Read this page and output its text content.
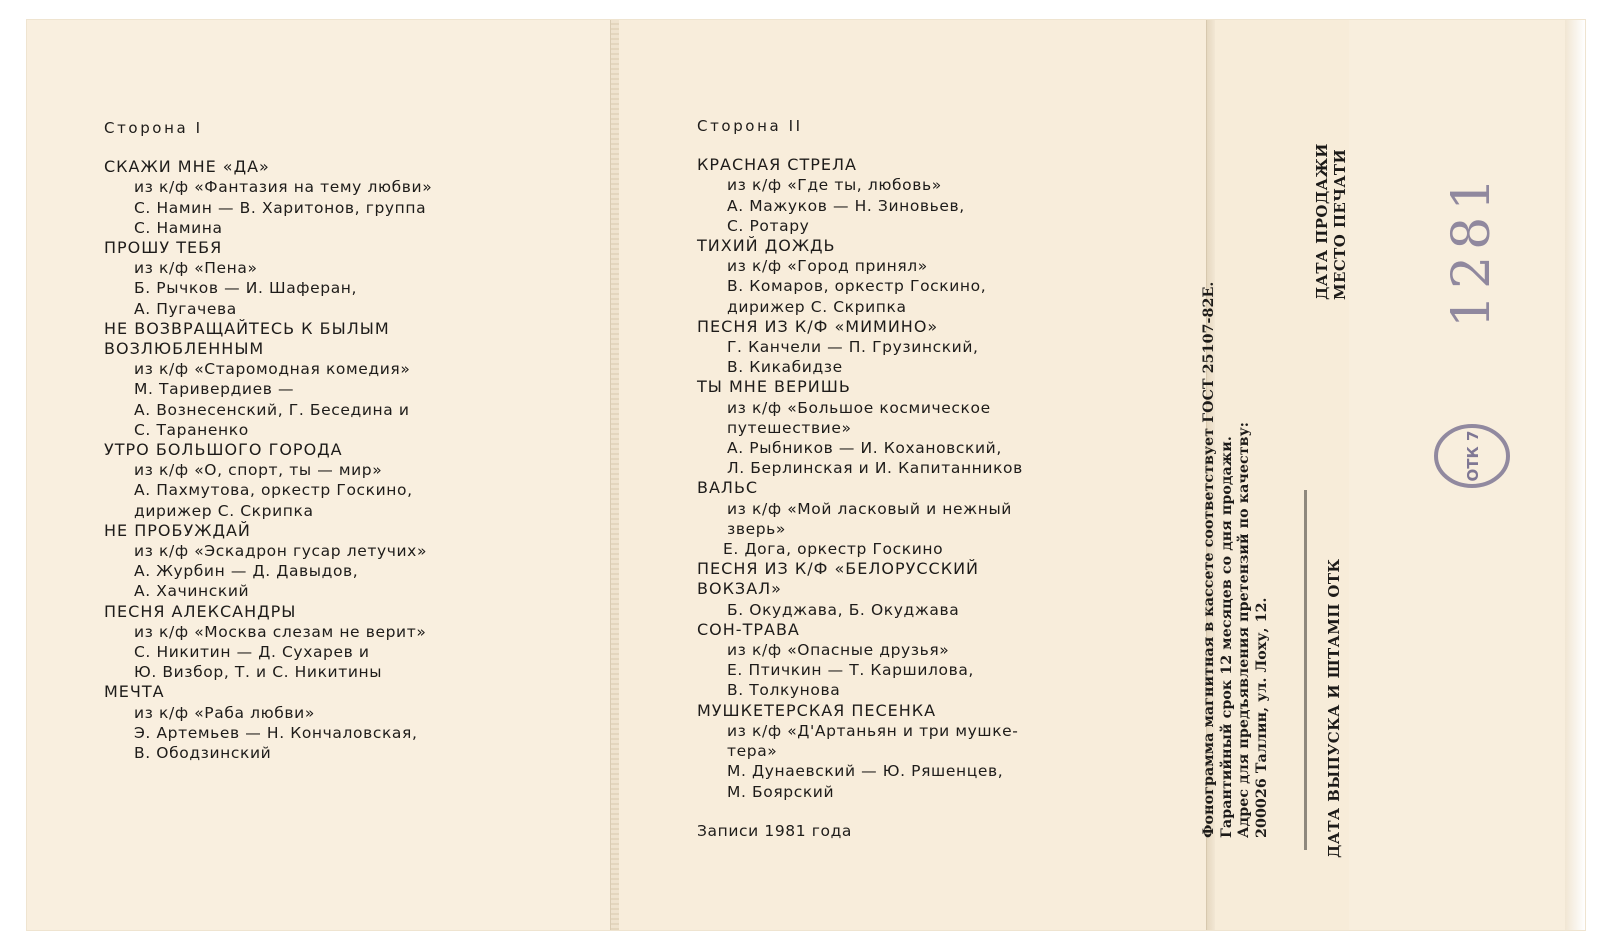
Сторона I
СКАЖИ МНЕ «ДА»
из к/ф «Фантазия на тему любви»
С. Намин — В. Харитонов, группа
С. Намина
ПРОШУ ТЕБЯ
из к/ф «Пена»
Б. Рычков — И. Шаферан,
А. Пугачева
НЕ ВОЗВРАЩАЙТЕСЬ К БЫЛЫМ
ВОЗЛЮБЛЕННЫМ
из к/ф «Старомодная комедия»
М. Таривердиев —
А. Вознесенский, Г. Беседина и
С. Тараненко
УТРО БОЛЬШОГО ГОРОДА
из к/ф «О, спорт, ты — мир»
А. Пахмутова, оркестр Госкино,
дирижер С. Скрипка
НЕ ПРОБУЖДАЙ
из к/ф «Эскадрон гусар летучих»
А. Журбин — Д. Давыдов,
А. Хачинский
ПЕСНЯ АЛЕКСАНДРЫ
из к/ф «Москва слезам не верит»
С. Никитин — Д. Сухарев и
Ю. Визбор, Т. и С. Никитины
МЕЧТА
из к/ф «Раба любви»
Э. Артемьев — Н. Кончаловская,
В. Ободзинский
Сторона II
КРАСНАЯ СТРЕЛА
из к/ф «Где ты, любовь»
А. Мажуков — Н. Зиновьев,
С. Ротару
ТИХИЙ ДОЖДЬ
из к/ф «Город принял»
В. Комаров, оркестр Госкино,
дирижер С. Скрипка
ПЕСНЯ ИЗ К/Ф «МИМИНО»
Г. Канчели — П. Грузинский,
В. Кикабидзе
ТЫ МНЕ ВЕРИШЬ
из к/ф «Большое космическое
путешествие»
А. Рыбников — И. Кохановский,
Л. Берлинская и И. Капитанников
ВАЛЬС
из к/ф «Мой ласковый и нежный
зверь»
Е. Дога, оркестр Госкино
ПЕСНЯ ИЗ К/Ф «БЕЛОРУССКИЙ
ВОКЗАЛ»
Б. Окуджава, Б. Окуджава
СОН-ТРАВА
из к/ф «Опасные друзья»
Е. Птичкин — Т. Каршилова,
В. Толкунова
МУШКЕТЕРСКАЯ ПЕСЕНКА
из к/ф «Д'Артаньян и три мушке-
тера»
М. Дунаевский — Ю. Ряшенцев,
М. Боярский
Записи 1981 года	Фонограмма магнитная в кассете соответствует ГОСТ 25107-82Е. Гарантийный срок 12 месяцев со дня продажи. Адрес для предъявления претензий по качеству: 200026 Таллин, ул. Лоху, 12.	ДАТА ВЫПУСКА И ШТАМП ОТК
ДАТА ПРОДАЖИ МЕСТО ПЕЧАТИ 1281
ОТК 7
